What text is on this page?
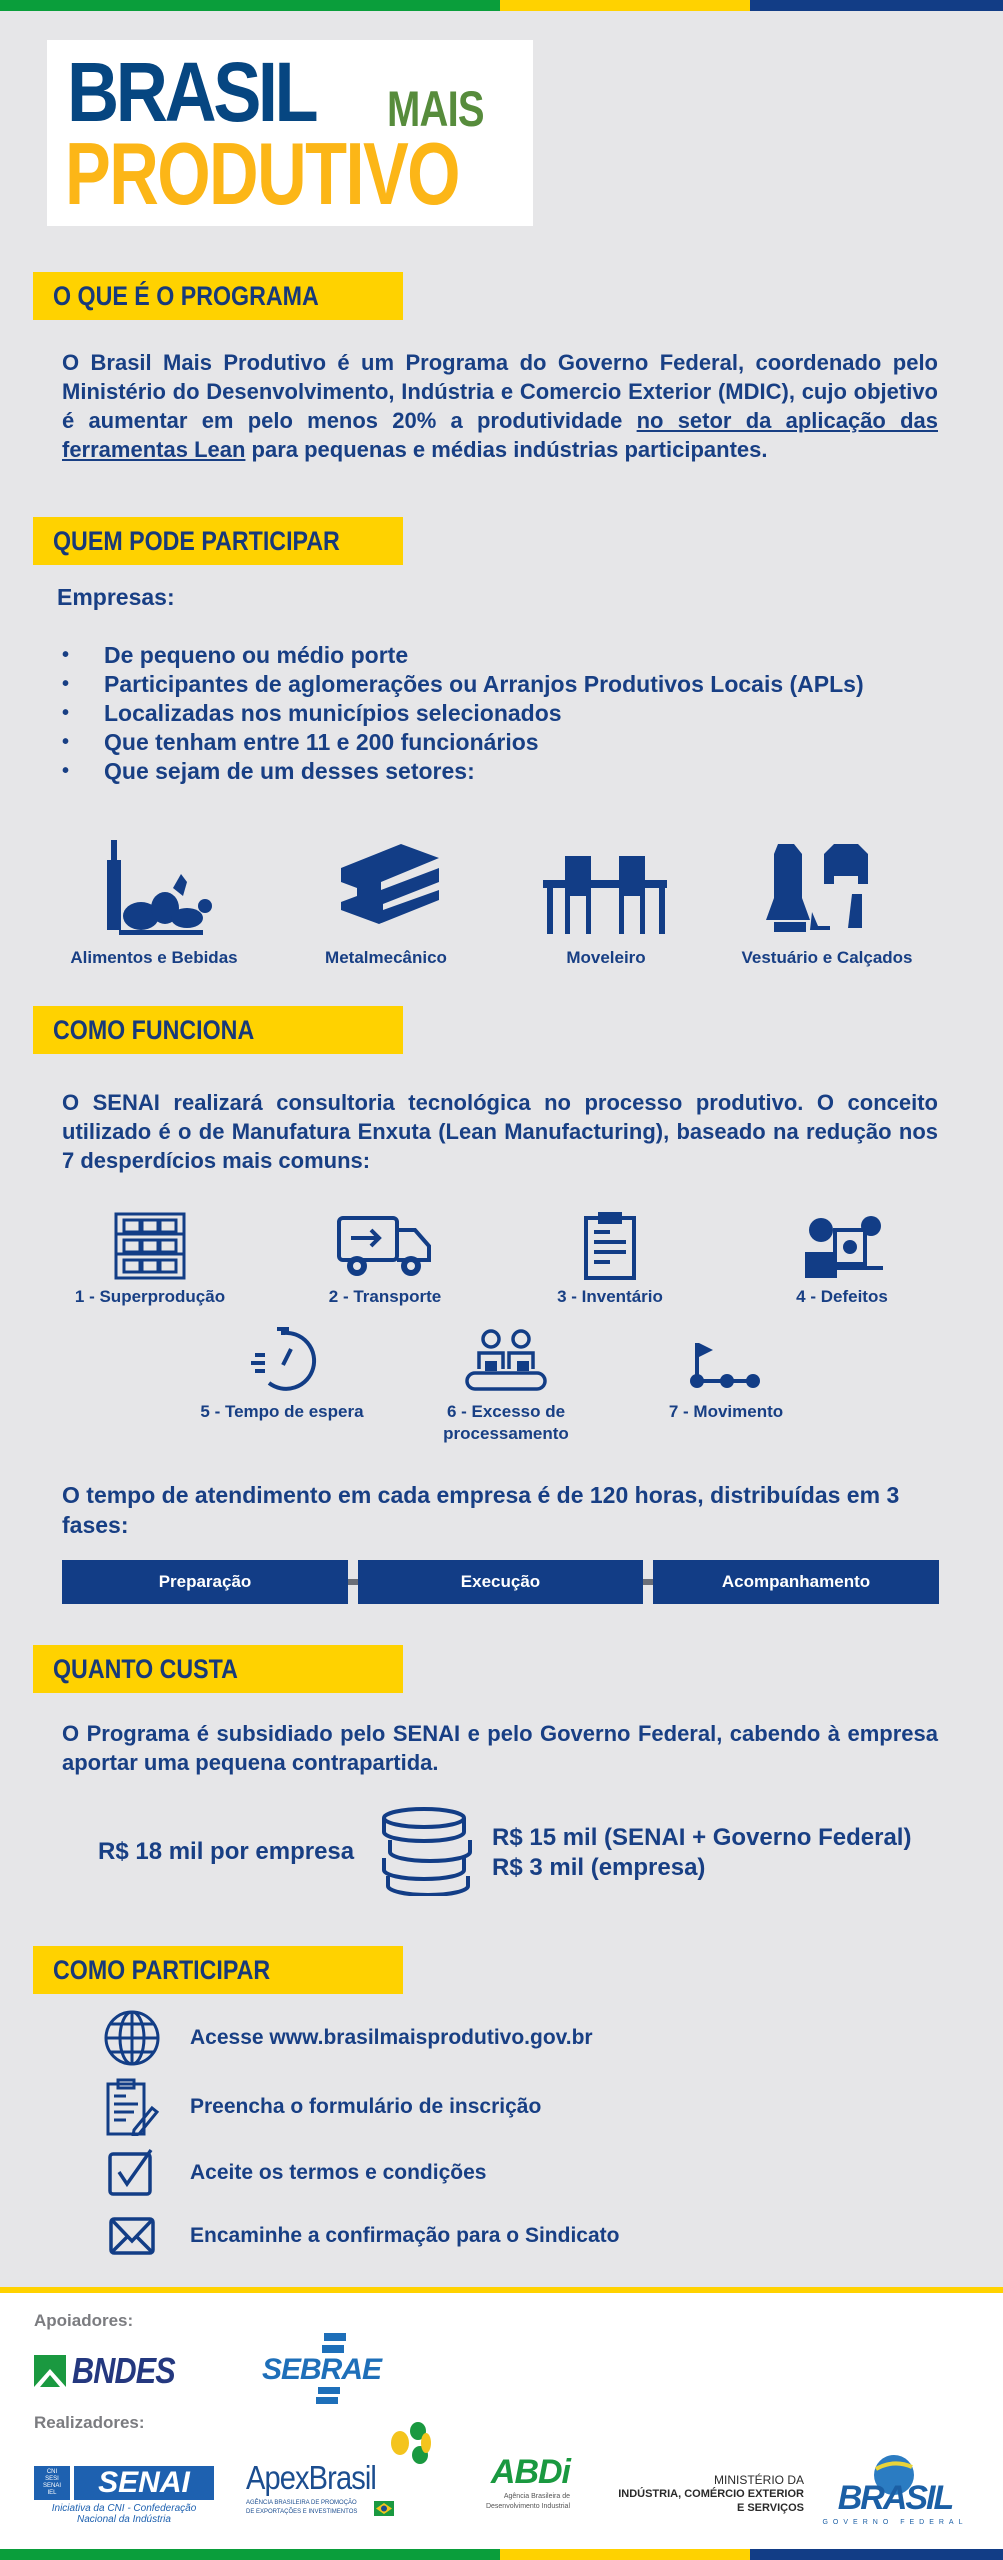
BRASIL MAIS
PRODUTIVO
O QUE É O PROGRAMA

O Brasil Mais Produtivo é um Programa do Governo Federal, coordenado pelo Ministério do Desenvolvimento, Indústria e Comercio Exterior (MDIC), cujo objetivo é aumentar em pelo menos 20% a produtividade no setor da aplicação das ferramentas Lean para pequenas e médias indústrias participantes.

QUEM PODE PARTICIPAR
Empresas:
•	De pequeno ou médio porte
•	Participantes de aglomerações ou Arranjos Produtivos Locais (APLs)
•	Localizadas nos municípios selecionados
•	Que tenham entre 11 e 200 funcionários
•	Que sejam de um desses setores:
Alimentos e Bebidas	Metalmecânico	Moveleiro	Vestuário e Calçados
COMO FUNCIONA

O SENAI realizará consultoria tecnológica no processo produtivo. O conceito utilizado é o de Manufatura Enxuta (Lean Manufacturing), baseado na redução nos 7 desperdícios mais comuns:

1 - Superprodução	2 - Transporte	3 - Inventário	4 - Defeitos
5 - Tempo de espera	6 - Excesso de processamento
7 - Movimento

O tempo de atendimento em cada empresa é de 120 horas, distribuídas em 3 fases:

Preparação	Execução	Acompanhamento
QUANTO CUSTA

O Programa é subsidiado pelo SENAI e pelo Governo Federal, cabendo à empresa aportar uma pequena contrapartida.

R$ 18 mil por empresa
R$ 15 mil (SENAI + Governo Federal)
R$ 3 mil (empresa)
COMO PARTICIPAR
Acesse www.brasilmaisprodutivo.gov.br
Preencha o formulário de inscrição
Aceite os termos e condições
Encaminhe a confirmação para o Sindicato
Apoiadores:
BNDES	SEBRAE
Realizadores:
CNI
SESI
SENAI
IEL	SENAI
Iniciativa da CNI - Confederação
Nacional da Indústria
ApexBrasil
AGÊNCIA BRASILEIRA DE PROMOÇÃO
DE EXPORTAÇÕES E INVESTIMENTOS
ABDi
Agência Brasileira de
Desenvolvimento Industrial
MINISTÉRIO DA
INDÚSTRIA, COMÉRCIO EXTERIOR
E SERVIÇOS BRASIL
GOVERNO FEDERAL
